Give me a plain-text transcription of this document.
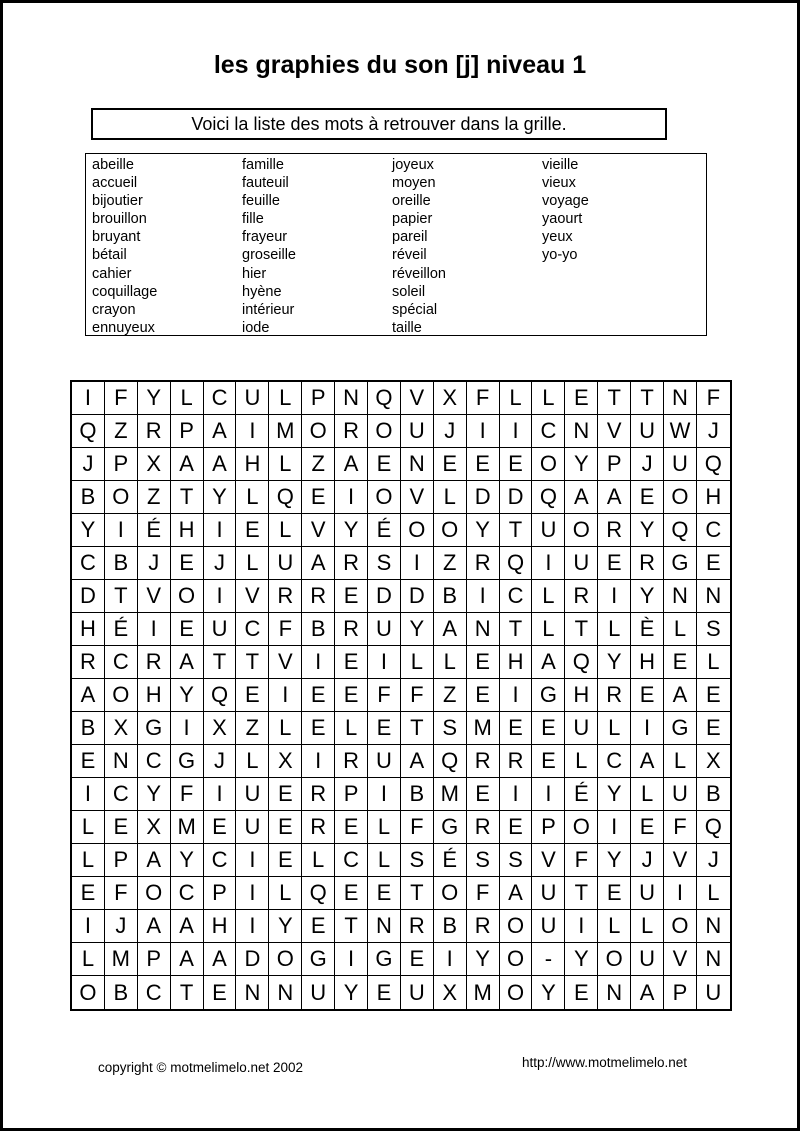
les graphies du son [j] niveau 1
Voici la liste des mots à retrouver dans la grille.
abeille
accueil
bijoutier
brouillon
bruyant
bétail
cahier
coquillage
crayon
ennuyeux
famille
fauteuil
feuille
fille
frayeur
groseille
hier
hyène
intérieur
iode
joyeux
moyen
oreille
papier
pareil
réveil
réveillon
soleil
spécial
taille
vieille
vieux
voyage
yaourt
yeux
yo-yo
I	F Y L C U L P N Q V X F L L E T T N F
Q Z R P A	I M O R O U J	I	I C N V U W J
J P X A A H L Z A E N E E E O Y P J U Q
B O Z T Y L Q E	I O V L D D Q A A E O H
Y	I	É H I	E L V Y É O O Y T U O R Y Q C
C B J E J L U A R S	I	Z R Q I U E R G E
D T V O I	V R R E D D B	I C L R I	Y N N
H É	I	E U C F B R U Y A N T L T L È L S
R C R A T T V	I	E	I	L L E H A Q Y H E L
A O H Y Q E	I	E E F F Z E	I G H R E A E
B X G I	X Z L E L E T S M E E U L	I G E
E N C G J L X	I R U A Q R R E L C A L X
I C Y F	I U E R P	I	B M E	I	I	É Y L U B
L E X M E U E R E L F G R E P O I	E F Q
L P A Y C I	E L C L S É S S V F Y J V J
E F O C P	I	L Q E E T O F A U T E U I	L
I	J A A H I	Y E T N R B R O U I	L L O N
L M P A A D O G I G E	I	Y O - Y O U V N
O B C T E N N U Y E U X M O Y E N A P U
copyright © motmelimelo.net 2002	http://www.motmelimelo.net
